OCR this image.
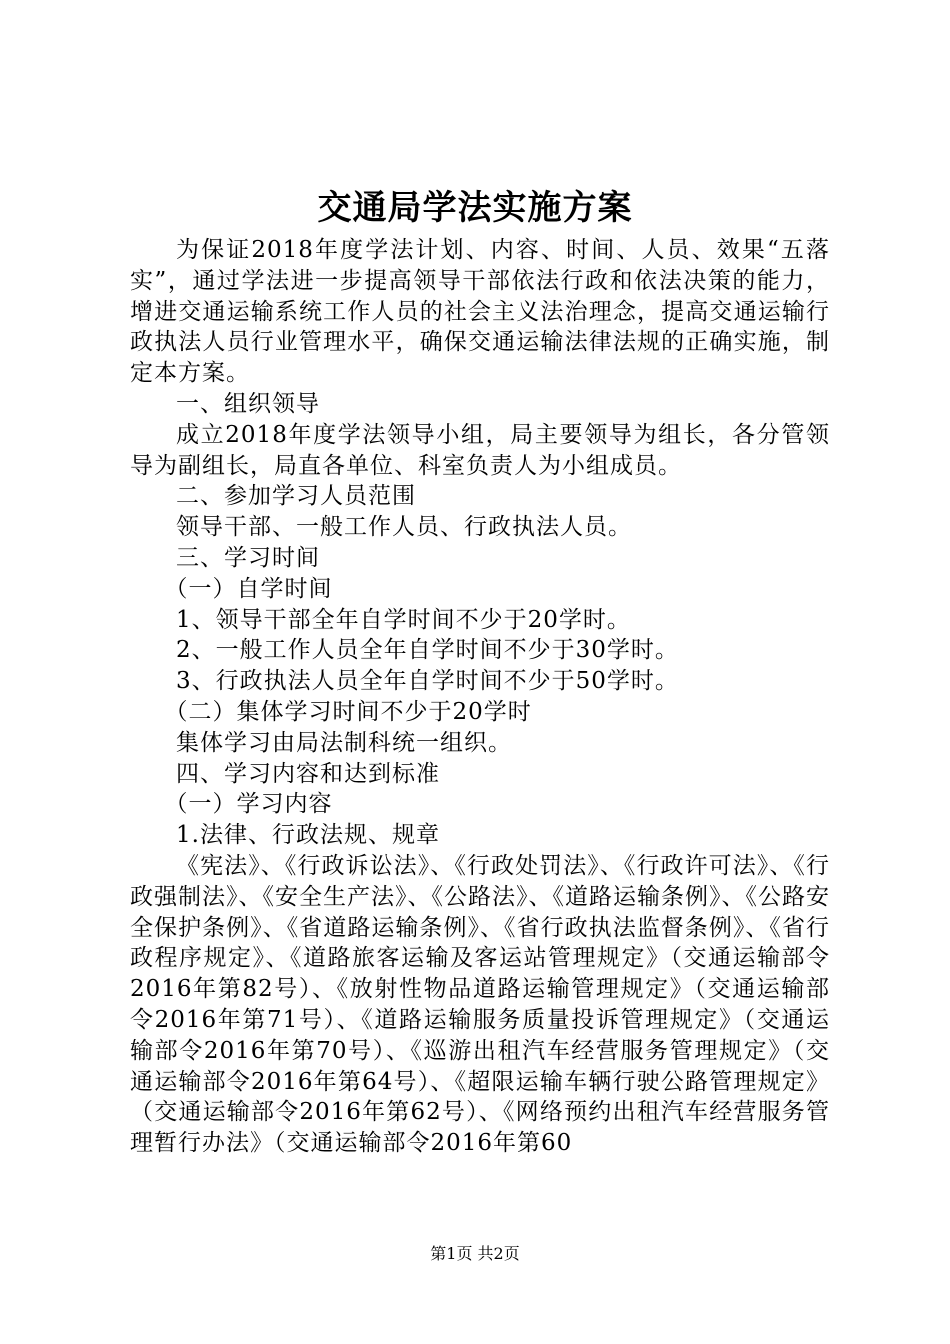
交通局学法实施方案

为保证2018年度学法计划、内容、时间、人员、效果“五落实”，通过学法进一步提高领导干部依法行政和依法决策的能力，增进交通运输系统工作人员的社会主义法治理念，提高交通运输行政执法人员行业管理水平，确保交通运输法律法规的正确实施，制定本方案。

一、组织领导

成立2018年度学法领导小组，局主要领导为组长，各分管领导为副组长，局直各单位、科室负责人为小组成员。

二、参加学习人员范围

领导干部、一般工作人员、行政执法人员。

三、学习时间

（一）自学时间

1、领导干部全年自学时间不少于20学时。

2、一般工作人员全年自学时间不少于30学时。

3、行政执法人员全年自学时间不少于50学时。

（二）集体学习时间不少于20学时

集体学习由局法制科统一组织。

四、学习内容和达到标准

（一）学习内容

1.法律、行政法规、规章

《宪法》、《行政诉讼法》、《行政处罚法》、《行政许可法》、《行政强制法》、《安全生产法》、《公路法》、《道路运输条例》、《公路安全保护条例》、《省道路运输条例》、《省行政执法监督条例》、《省行政程序规定》、《道路旅客运输及客运站管理规定》（交通运输部令2016年第82号）、《放射性物品道路运输管理规定》（交通运输部令2016年第71号）、《道路运输服务质量投诉管理规定》（交通运输部令2016年第70号）、《巡游出租汽车经营服务管理规定》（交通运输部令2016年第64号）、《超限运输车辆行驶公路管理规定》（交通运输部令2016年第62号）、《网络预约出租汽车经营服务管理暂行办法》（交通运输部令2016年第60

第1页 共2页
